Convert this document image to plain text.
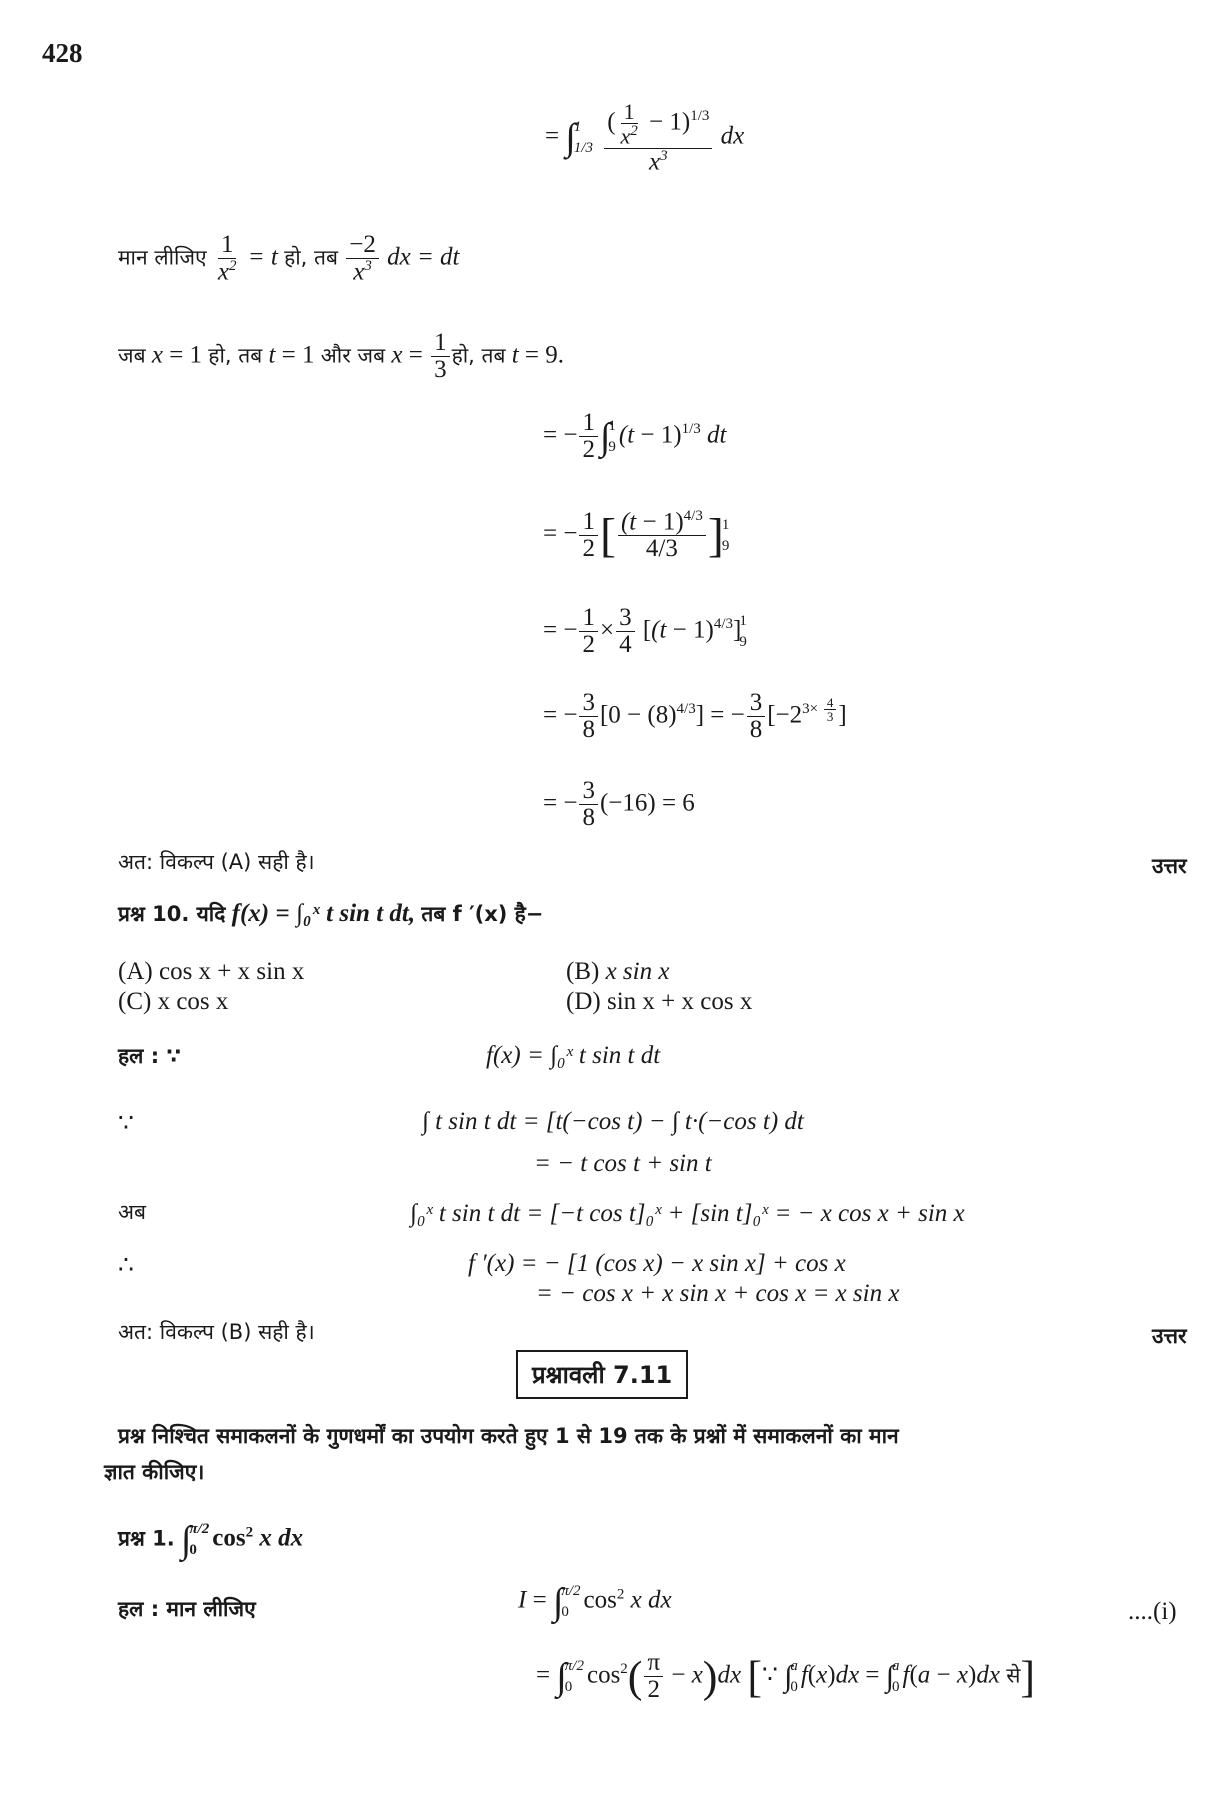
428
= ∫
1
1/3
$\frac{( \frac{1}{x^2} - 1)^{1/3}}{x^3}$ dx
मान लीजिए $\frac{1}{x^2} = t$ हो, तब $\frac{-2}{x^3}$ dx = dt
जब x = 1 हो, तब t = 1 और जब $x = \frac{1}{3}$ हो, तब t = 9.
= − $\frac{1}{2}$ ∫
1
9 $(t - 1)^{1/3}$ dt
= − $\frac{1}{2}$ [ $\frac{(t - 1)^{4/3}}{4/3}$ ]
1
9
= − $\frac{1}{2} \times \frac{3}{4} [(t - 1)^{4/3}]$
1
9
= − $\frac{3}{8} [0 - (8)^{4/3}]$ = − $\frac{3}{8} [-2^{3\times \frac{4}{3}}$ ]
= − $\frac{3}{8} (-16) = 6$
अत: विकल्प (A) सही है।	उत्तर
प्रश्न 10. यदि f(x) = ∫₀ˣ t sin t dt, तब f ′(x) है−
(A) cos x + x sin x	(B) x sin x
(C) x cos x	(D) sin x + x cos x
हल : ∵	f(x) = ∫₀ˣ t sin t dt
∵	∫ t sin t dt = [t(−cos t) − ∫ t·(−cos t) dt
= − t cos t + sin t
अब	∫₀ˣ t sin t dt = [−t cos t]₀ˣ + [sin t]₀ˣ = − x cos x + sin x
∴	f ′(x) = − [1 (cos x) − x sin x] + cos x
= − cos x + x sin x + cos x = x sin x
अत: विकल्प (B) सही है।	उत्तर
प्रश्नावली 7.11
प्रश्न निश्चित समाकलनों के गुणधर्मों का उपयोग करते हुए 1 से 19 तक के प्रश्नों में समाकलनों का मान
ज्ञात कीजिए।
प्रश्न 1. ∫
π/2
0 $\cos^2 x$ dx
हल : मान लीजिए	I = ∫
π/2
0 $\cos^2 x$ dx	....(i)
= ∫
π/2
0 $\cos^2( \frac{\pi}{2} - x)dx$ [∵ ∫
a
0 f(x)dx = ∫
a
0 f(a − x)dx से]
